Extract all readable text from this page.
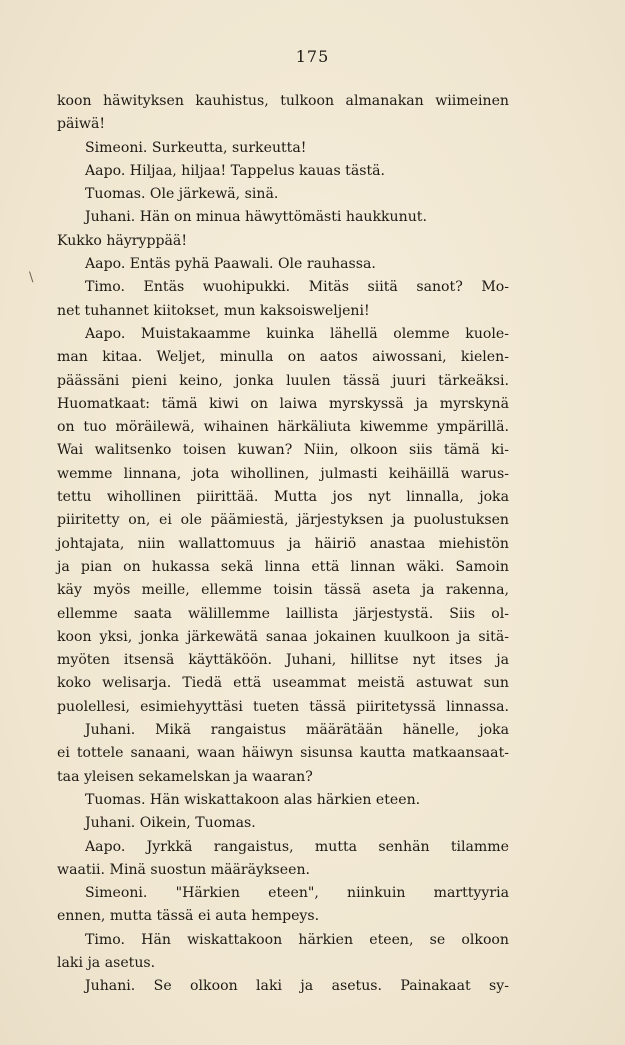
175
\
koon häwityksen kauhistus, tulkoon almanakan wiimeinen
päiwä!
Simeoni. Surkeutta, surkeutta!
Aapo. Hiljaa, hiljaa! Tappelus kauas tästä.
Tuomas. Ole järkewä, sinä.
Juhani. Hän on minua häwyttömästi haukkunut.
Kukko häyryppää!
Aapo. Entäs pyhä Paawali. Ole rauhassa.
Timo. Entäs wuohipukki. Mitäs siitä sanot? Mo-
net tuhannet kiitokset, mun kaksoisweljeni!
Aapo. Muistakaamme kuinka lähellä olemme kuole-
man kitaa. Weljet, minulla on aatos aiwossani, kielen-
päässäni pieni keino, jonka luulen tässä juuri tärkeäksi.
Huomatkaat: tämä kiwi on laiwa myrskyssä ja myrskynä
on tuo möräilewä, wihainen härkäliuta kiwemme ympärillä.
Wai walitsenko toisen kuwan? Niin, olkoon siis tämä ki-
wemme linnana, jota wihollinen, julmasti keihäillä warus-
tettu wihollinen piirittää. Mutta jos nyt linnalla, joka
piiritetty on, ei ole päämiestä, järjestyksen ja puolustuksen
johtajata, niin wallattomuus ja häiriö anastaa miehistön
ja pian on hukassa sekä linna että linnan wäki. Samoin
käy myös meille, ellemme toisin tässä aseta ja rakenna,
ellemme saata wälillemme laillista järjestystä. Siis ol-
koon yksi, jonka järkewätä sanaa jokainen kuulkoon ja sitä-
myöten itsensä käyttäköön. Juhani, hillitse nyt itses ja
koko welisarja. Tiedä että useammat meistä astuwat sun
puolellesi, esimiehyyttäsi tueten tässä piiritetyssä linnassa.
Juhani. Mikä rangaistus määrätään hänelle, joka
ei tottele sanaani, waan häiwyn sisunsa kautta matkaansaat-
taa yleisen sekamelskan ja waaran?
Tuomas. Hän wiskattakoon alas härkien eteen.
Juhani. Oikein, Tuomas.
Aapo. Jyrkkä rangaistus, mutta senhän tilamme
waatii. Minä suostun määräykseen.
Simeoni. "Härkien eteen", niinkuin marttyyria
ennen, mutta tässä ei auta hempeys.
Timo. Hän wiskattakoon härkien eteen, se olkoon
laki ja asetus.
Juhani. Se olkoon laki ja asetus. Painakaat sy-
